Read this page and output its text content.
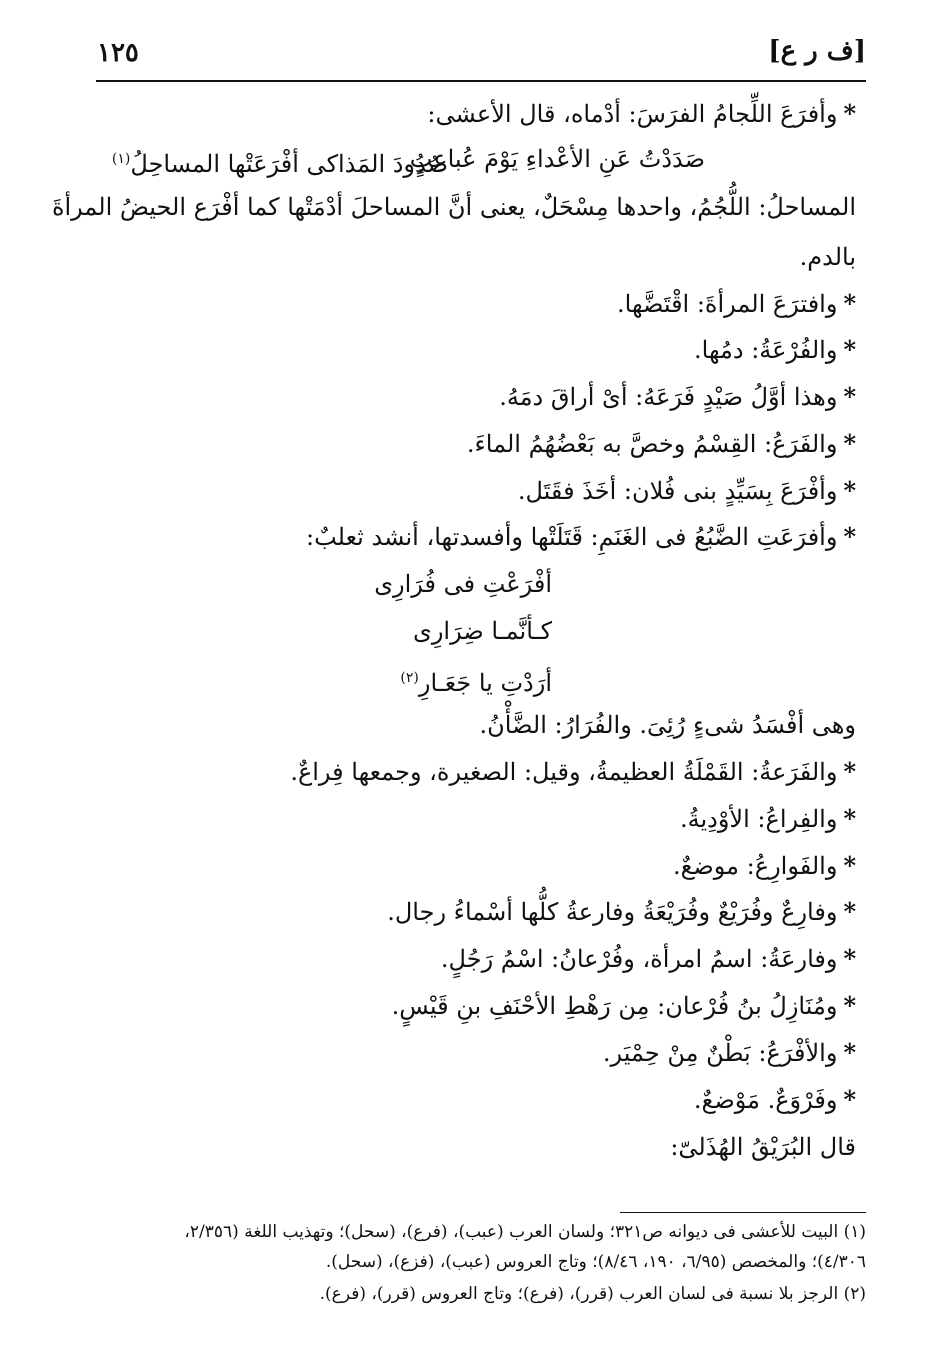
[ف ر ع]
١٢٥
*وأفرَعَ اللِّجامُ الفرَسَ: أدْماه، قال الأعشى:
صَدَدْتُ عَنِ الأعْداءِ يَوْمَ عُباعِبٍ
صُدُودَ المَذاكى أفْرَعَتْها المساحِلُ$^{(١)}$
المساحلُ: اللُّجُمُ، واحدها مِسْحَلٌ، يعنى أنَّ المساحلَ أدْمَتْها كما أفْرَع الحيضُ المرأةَ
بالدم.
*وافترَعَ المرأةَ: اقْتَضَّها.
*والفُرْعَةُ: دمُها.
*وهذا أوَّلُ صَيْدٍ فَرَعَهُ: أىْ أراقَ دمَهُ.
*والفَرَعُ: القِسْمُ وخصَّ به بَعْضُهُمُ الماءَ.
*وأفْرَعَ بِسَيِّدٍ بنى فُلان: أخَذَ فقَتَل.
*وأفرَعَتِ الضَّبُعُ فى الغَنَمِ: قَتَلَتْها وأفسدتها، أنشد ثعلبٌ:
أفْرَعْتِ فى فُرَارِى
كـأنَّمـا ضِرَارِى
أرَدْتِ يا جَعَـارِ$^{(٢)}$
وهى أفْسَدُ شىءٍ رُئِىَ. والفُرَارُ: الضَّأْنُ.
*والفَرَعةُ: القَمْلَةُ العظيمةُ، وقيل: الصغيرة، وجمعها فِراعٌ.
*والفِراعُ: الأوْدِيةُ.
*والفَوارِعُ: موضعٌ.
*وفارِعٌ وفُرَيْعٌ وفُرَيْعَةُ وفارعةُ كلُّها أسْماءُ رجال.
*وفارعَةُ: اسمُ امرأة، وفُرْعانُ: اسْمُ رَجُلٍ.
*ومُنَازِلُ بنُ فُرْعان: مِن رَهْطِ الأحْنَفِ بنِ قَيْسٍ.
*والأفْرَعُ: بَطْنٌ مِنْ حِمْيَر.
*وفَرْوَعٌ. مَوْضعٌ.
قال البُرَيْقُ الهُذَلىّ:
(١) البيت للأعشى فى ديوانه ص٣٢١؛ ولسان العرب (عبب)، (فرع)، (سحل)؛ وتهذيب اللغة (٢/٣٥٦،
٤/٣٠٦)؛ والمخصص (٦/٩٥، ١٩٠، ٨/٤٦)؛ وتاج العروس (عبب)، (فزع)، (سحل).
(٢) الرجز بلا نسبة فى لسان العرب (قرر)، (فرع)؛ وتاج العروس (قرر)، (فرع).
